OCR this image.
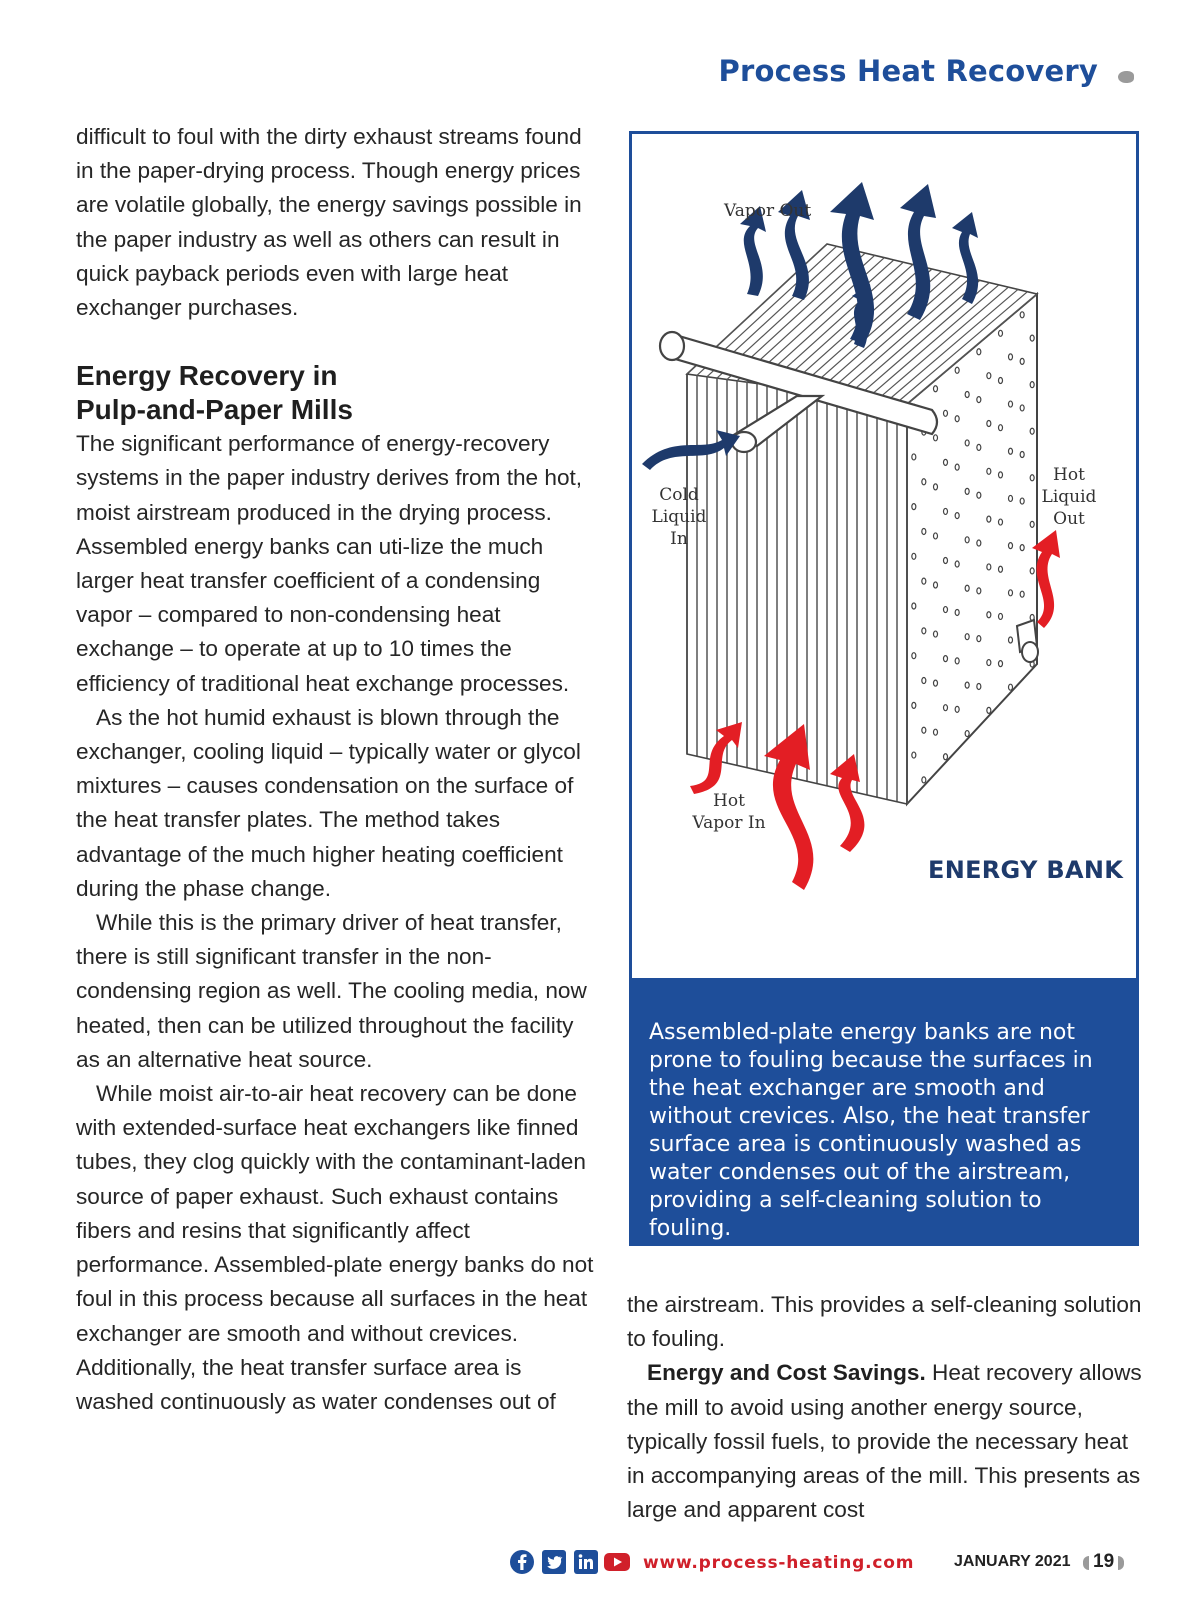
Process Heat Recovery

difficult to foul with the dirty exhaust streams found in the paper-drying process. Though energy prices are volatile globally, the energy savings possible in the paper industry as well as others can result in quick payback periods even with large heat exchanger purchases.

Energy Recovery in
Pulp-and-Paper Mills

The significant performance of energy-recovery systems in the paper industry derives from the hot, moist airstream produced in the drying process. Assembled energy banks can uti-lize the much larger heat transfer coefficient of a condensing vapor – compared to non-condensing heat exchange – to operate at up to 10 times the efficiency of traditional heat exchange processes.

As the hot humid exhaust is blown through the exchanger, cooling liquid – typically water or glycol mixtures – causes condensation on the surface of the heat transfer plates. The method takes advantage of the much higher heating coefficient during the phase change.

While this is the primary driver of heat transfer, there is still significant transfer in the non-condensing region as well. The cooling media, now heated, then can be utilized throughout the facility as an alternative heat source.

While moist air-to-air heat recovery can be done with extended-surface heat exchangers like finned tubes, they clog quickly with the contaminant-laden source of paper exhaust. Such exhaust contains fibers and resins that significantly affect performance. Assembled-plate energy banks do not foul in this process because all surfaces in the heat exchanger are smooth and without crevices. Additionally, the heat transfer surface area is washed continuously as water condenses out of

Vapor Out
Cold
Liquid
In
Hot
Liquid
Out
Hot
Vapor In
ENERGY BANK
Assembled-plate energy banks are not prone to fouling because the surfaces in the heat exchanger are smooth and without crevices. Also, the heat transfer surface area is continuously washed as water condenses out of the airstream, providing a self-cleaning solution to fouling.

the airstream. This provides a self-cleaning solution to fouling.

Energy and Cost Savings. Heat recovery allows the mill to avoid using another energy source, typically fossil fuels, to provide the necessary heat in accompanying areas of the mill. This presents as large and apparent cost

www.process-heating.com JANUARY 2021 19
